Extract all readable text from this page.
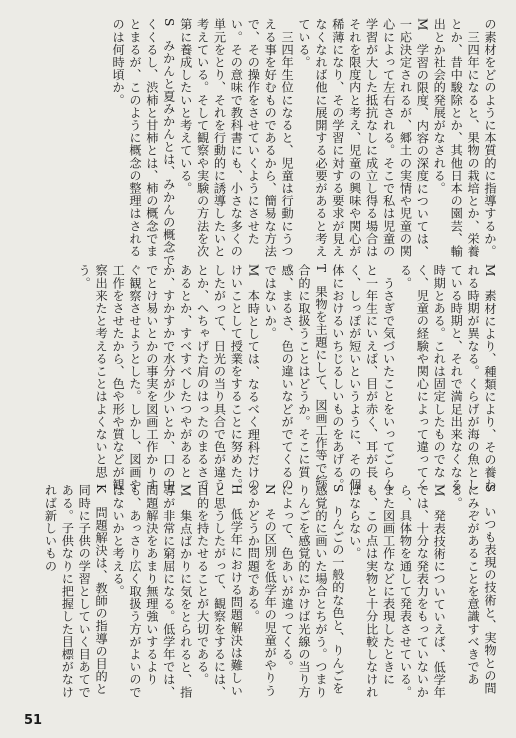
の素材をどのように本質的に指導するか。

　三四年になると、果物の栽培とか、栄養とか、昔中駿除とか、其他日本の園芸、輸出とか社会的発展がなされる。

M　学習の限度、内容の深度については、一応決定されるが、郷土の実情や児童の関心によって左右される。そこで私は児童の学習が大した抵抗なしに成立し得る場合はそれを限度内と考え、児童の興味や関心が稀薄になり、その学習に対する要求が見えなくなれば他に展開する必要があると考えている。

　三四年生位になると、児童は行動にうつえる事を好むものであるから、簡易な方法で、その操作をさせていくようにさせたい。その意味で教科書にも、小さな多くの単元をとり、それを行動的に誘導したいと考えている。そして観察や実験の方法を次第に養成したいと考えている。

S　みかんと夏みかんとは、みかんの概念でくくるし、渋柿と甘柿とは、柿の概念でまとまるが、このように概念の整理はされるのは何時頃か。

M　素材により、種類により、その養われる時期が異なる。くらげが海の魚としている時期と、それで満足出来なくなる時期とある。これは固定したものでなく、児童の経験や関心によって違ってくる。

　うさぎで気づいたことをいってごらんと一年生にいえば、目が赤く、耳が長く、しっぽが短いというように、その個体におけるいちじるしいものをあげる。

T　果物を主題にして、図画工作等で綜合的に取扱うことはどうか。そこに質感、まるさ、色の違いなどがでてくるのではないか。

M　本時としては、なるべく理科だけのけいことして授業をすることに努めた。したがって、日光の当り具合で色が違うとか、へちゃげた肩のはったのまるさであるとか、すべすべしたつやがあるとか、すかすかで水分が少いとか、口の中でとけ易いとかの事実を図画工作かりすぐ観察させようとした。しかし、図画や工作をさせたから、色や形や質などが観察出来たと考えることはよくないと思う。

S　いつも表現の技術と、実物との間にみぞがあることを意識すべきである。

M　発表技術についていえば、低学年では、十分な発表力をもっていないから、具体物を通して発表させている。また図画工作などに表現したときにも、この点は実物と十分比較しなければならない。

S　りんごの一般的な色と、りんごを感覚的に画いた場合とちがう。つまりりんごを感覚的にかけば光線の当り方によって、色あいが違ってくる。

N　その区別を低学年の児童がやりうるかどうか問題である。

H　低学年における問題解決は難しいと思うしたがって、観察をするには、目的を持たせることが大切である。

M　集点ばかりに気をとられると、指導が非常に窮屈になる。低学年では、問題解決をあまり無理強いするよりも、あっさり広く取扱う方がよいのではないかと考える。

K　問題解決は、教師の指導の目的と同時に子供の学習としていく目あてである。子供なりに把握した目標がなければ新しいもの

51
